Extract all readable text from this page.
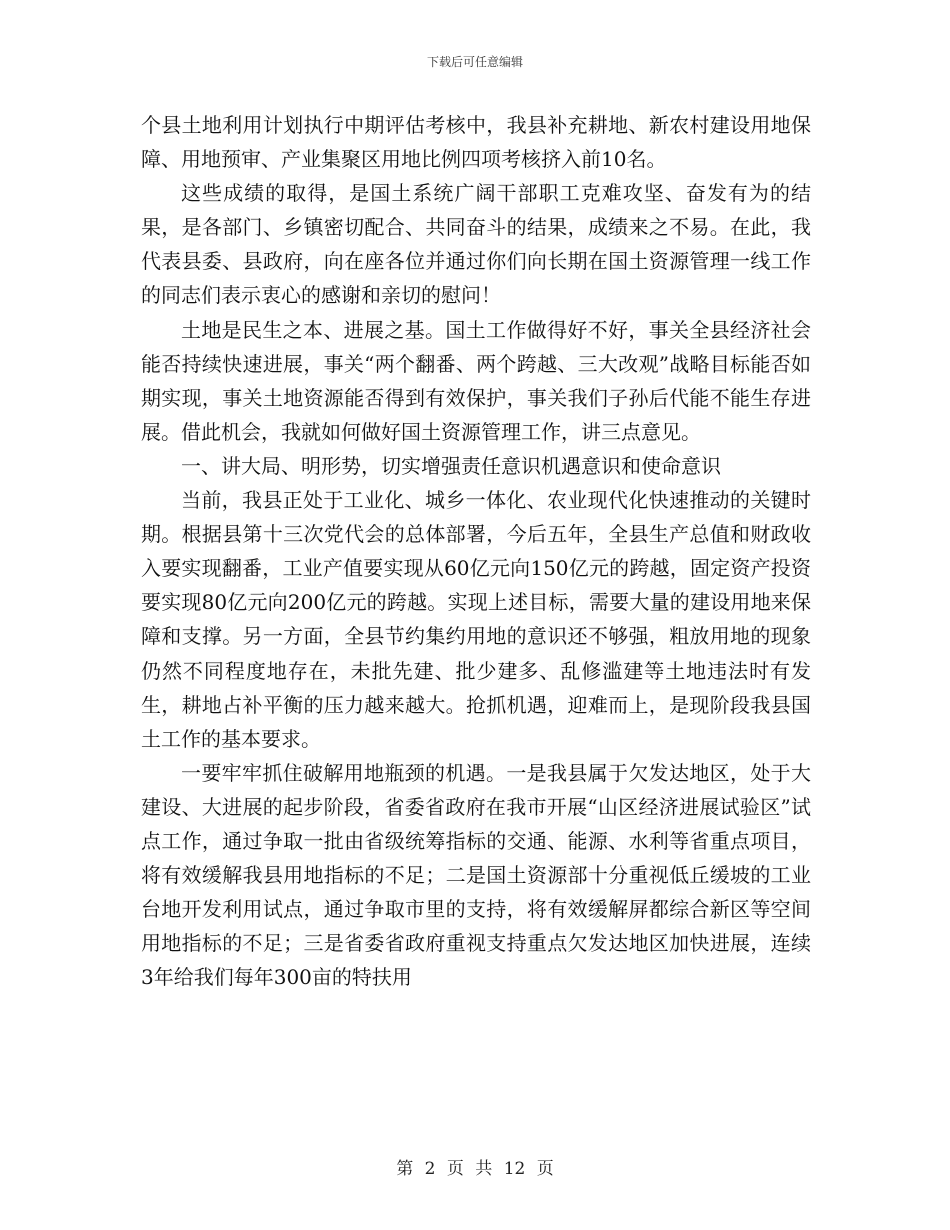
下载后可任意编辑

个县土地利用计划执行中期评估考核中，我县补充耕地、新农村建设用地保障、用地预审、产业集聚区用地比例四项考核挤入前10名。

这些成绩的取得，是国土系统广阔干部职工克难攻坚、奋发有为的结果，是各部门、乡镇密切配合、共同奋斗的结果，成绩来之不易。在此，我代表县委、县政府，向在座各位并通过你们向长期在国土资源管理一线工作的同志们表示衷心的感谢和亲切的慰问！

土地是民生之本、进展之基。国土工作做得好不好，事关全县经济社会能否持续快速进展，事关“两个翻番、两个跨越、三大改观”战略目标能否如期实现，事关土地资源能否得到有效保护，事关我们子孙后代能不能生存进展。借此机会，我就如何做好国土资源管理工作，讲三点意见。

一、讲大局、明形势，切实增强责任意识机遇意识和使命意识

当前，我县正处于工业化、城乡一体化、农业现代化快速推动的关键时期。根据县第十三次党代会的总体部署，今后五年，全县生产总值和财政收入要实现翻番，工业产值要实现从60亿元向150亿元的跨越，固定资产投资要实现80亿元向200亿元的跨越。实现上述目标，需要大量的建设用地来保障和支撑。另一方面，全县节约集约用地的意识还不够强，粗放用地的现象仍然不同程度地存在，未批先建、批少建多、乱修滥建等土地违法时有发生，耕地占补平衡的压力越来越大。抢抓机遇，迎难而上，是现阶段我县国土工作的基本要求。

一要牢牢抓住破解用地瓶颈的机遇。一是我县属于欠发达地区，处于大建设、大进展的起步阶段，省委省政府在我市开展“山区经济进展试验区”试点工作，通过争取一批由省级统筹指标的交通、能源、水利等省重点项目，将有效缓解我县用地指标的不足；二是国土资源部十分重视低丘缓坡的工业台地开发利用试点，通过争取市里的支持，将有效缓解屏都综合新区等空间用地指标的不足；三是省委省政府重视支持重点欠发达地区加快进展，连续3年给我们每年300亩的特扶用

第 2 页 共 12 页
